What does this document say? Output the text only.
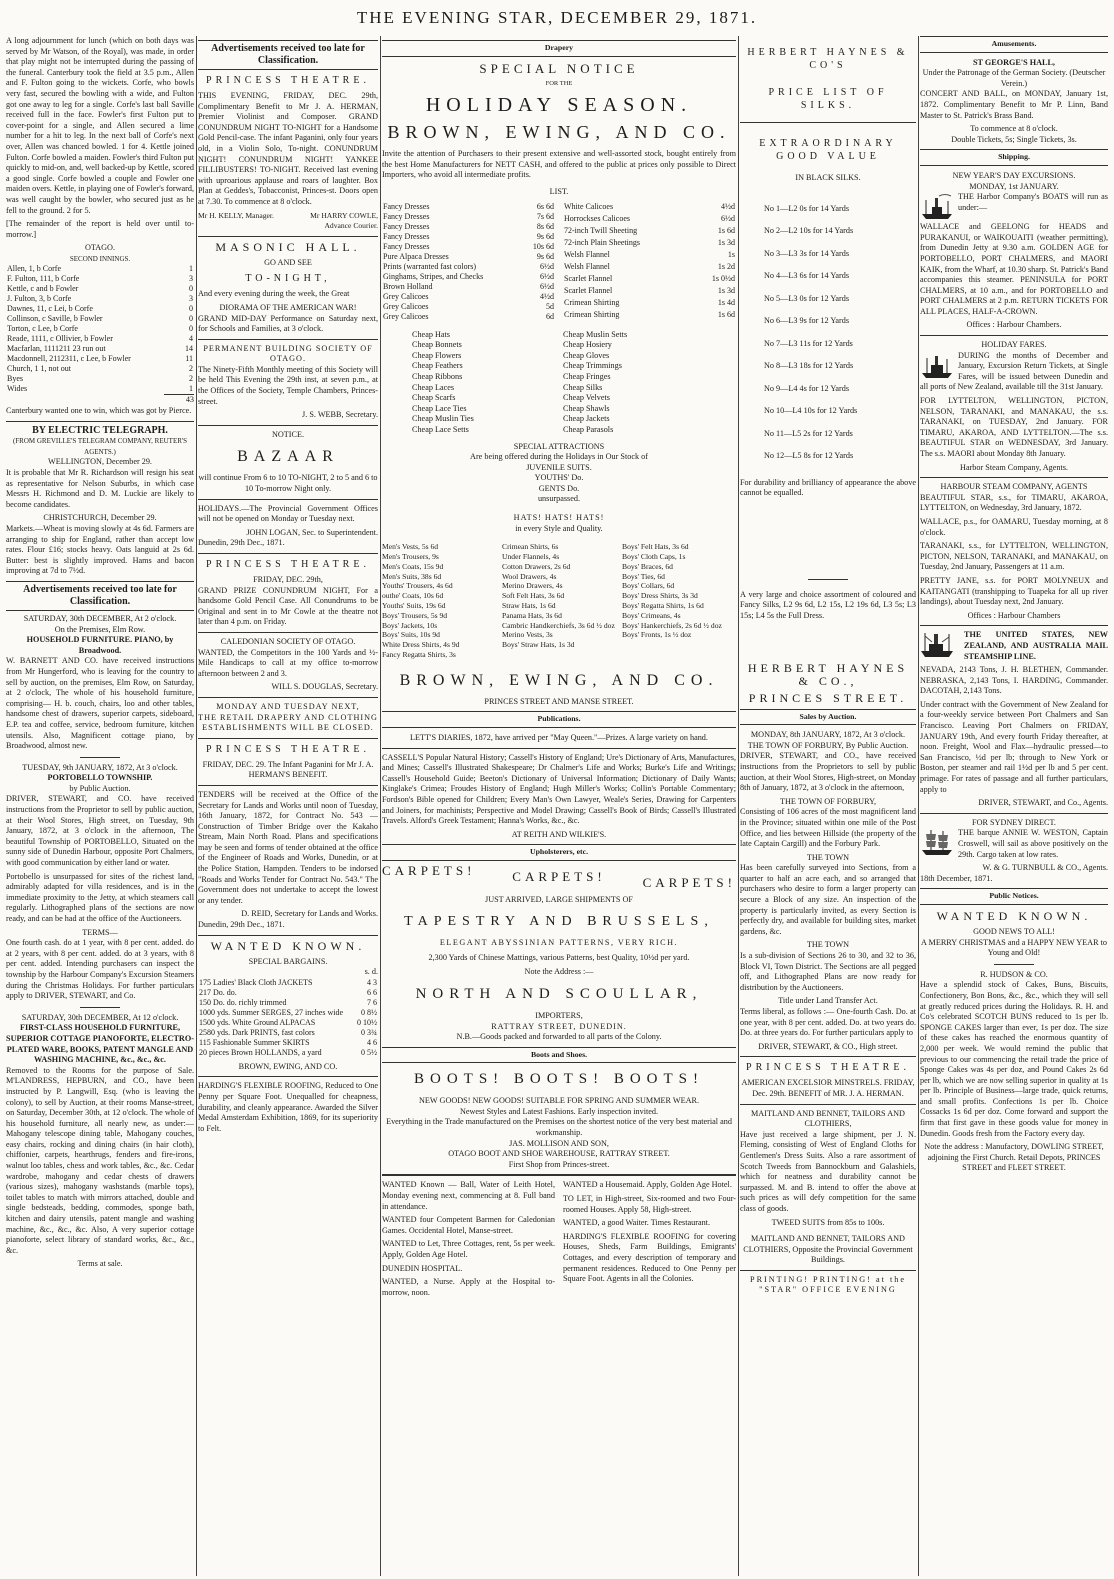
THE EVENING STAR, DECEMBER 29, 1871.

A long adjournment for lunch (which on both days was served by Mr Watson, of the Royal), was made, in order that play might not be interrupted during the passing of the funeral. Canterbury took the field at 3.5 p.m., Allen and F. Fulton going to the wickets. Corfe, who bowls very fast, secured the bowling with a wide, and Fulton got one away to leg for a single. Corfe's last ball Saville received full in the face. Fowler's first Fulton put to cover-point for a single, and Allen secured a lime number for a hit to leg. In the next ball of Corfe's next over, Allen was chanced bowled. 1 for 4. Kettle joined Fulton. Corfe bowled a maiden. Fowler's third Fulton put quickly to mid-on, and, well backed-up by Kettle, scored a good single. Corfe bowled a couple and Fowler one maiden overs. Kettle, in playing one of Fowler's forward, was well caught by the bowler, who secured just as he fell to the ground. 2 for 5.

[The remainder of the report is held over until to-morrow.]

OTAGO.
SECOND INNINGS.
Allen, 1, b Corfe	1
F. Fulton, 111, b Corfe	3
Kettle, c and b Fowler	0
J. Fulton, 3, b Corfe	3
Dawnes, 11, c Lei, b Corfe	0
Collinson, c Saville, b Fowler	0
Torton, c Lee, b Corfe	0
Reade, 1111, c Ollivier, b Fowler	4
Macfarlan, 1111211 23 run out	14
Macdonnell, 2112311, c Lee, b Fowler	11
Church, 1 1, not out	2
Byes	2
Wides	1
43

Canterbury wanted one to win, which was got by Pierce.

BY ELECTRIC TELEGRAPH.
(FROM GREVILLE'S TELEGRAM COMPANY, REUTER'S AGENTS.)
WELLINGTON, December 29.

It is probable that Mr R. Richardson will resign his seat as representative for Nelson Suburbs, in which case Messrs H. Richmond and D. M. Luckie are likely to become candidates.

CHRISTCHURCH, December 29.

Markets.—Wheat is moving slowly at 4s 6d. Farmers are arranging to ship for England, rather than accept low rates. Flour £16; stocks heavy. Oats languid at 2s 6d. Butter: best is slightly improved. Hams and bacon improving at 7d to 7½d.

Advertisements received too late for Classification.
SATURDAY, 30th DECEMBER, At 2 o'clock.
On the Premises, Elm Row.
HOUSEHOLD FURNITURE. PIANO, by Broadwood.

W. BARNETT AND CO. have received instructions from Mr Hungerford, who is leaving for the country to sell by auction, on the premises, Elm Row, on Saturday, at 2 o'clock, The whole of his household furniture, comprising— H. b. couch, chairs, loo and other tables, handsome chest of drawers, superior carpets, sideboard, E.P. tea and coffee, service, bedroom furniture, kitchen utensils. Also, Magnificent cottage piano, by Broadwood, almost new.

TUESDAY, 9th JANUARY, 1872, At 3 o'clock.
PORTOBELLO TOWNSHIP.
by Public Auction.

DRIVER, STEWART, and CO. have received instructions from the Proprietor to sell by public auction, at their Wool Stores, High street, on Tuesday, 9th January, 1872, at 3 o'clock in the afternoon, The beautiful Township of PORTOBELLO, Situated on the sunny side of Dunedin Harbour, opposite Port Chalmers, with good communication by either land or water.

Portobello is unsurpassed for sites of the richest land, admirably adapted for villa residences, and is in the immediate proximity to the Jetty, at which steamers call regularly. Lithographed plans of the sections are now ready, and can be had at the office of the Auctioneers.

TERMS—

One fourth cash. do at 1 year, with 8 per cent. added. do at 2 years, with 8 per cent. added. do at 3 years, with 8 per cent. added. Intending purchasers can inspect the township by the Harbour Company's Excursion Steamers during the Christmas Holidays. For further particulars apply to DRIVER, STEWART, and Co.

SATURDAY, 30th DECEMBER, At 12 o'clock.
FIRST-CLASS HOUSEHOLD FURNITURE, SUPERIOR COTTAGE PIANOFORTE, ELECTRO-PLATED WARE, BOOKS, PATENT MANGLE AND WASHING MACHINE, &c., &c., &c.

Removed to the Rooms for the purpose of Sale. M'LANDRESS, HEPBURN, and CO., have been instructed by P. Langwill, Esq. (who is leaving the colony), to sell by Auction, at their rooms Manse-street, on Saturday, December 30th, at 12 o'clock. The whole of his household furniture, all nearly new, as under:— Mahogany telescope dining table, Mahogany couches, easy chairs, rocking and dining chairs (in hair cloth), chiffonier, carpets, hearthrugs, fenders and fire-irons, walnut loo tables, chess and work tables, &c., &c. Cedar wardrobe, mahogany and cedar chests of drawers (various sizes), mahogany washstands (marble tops), toilet tables to match with mirrors attached, double and single bedsteads, bedding, commodes, sponge bath, kitchen and dairy utensils, patent mangle and washing machine, &c., &c., &c. Also, A very superior cottage pianoforte, select library of standard works, &c., &c., &c.

Terms at sale.
Advertisements received too late for Classification.
PRINCESS THEATRE.

THIS EVENING, FRIDAY, DEC. 29th, Complimentary Benefit to Mr J. A. HERMAN, Premier Violinist and Composer. GRAND CONUNDRUM NIGHT TO-NIGHT for a Handsome Gold Pencil-case. The infant Paganini, only four years old, in a Violin Solo, To-night. CONUNDRUM NIGHT! CONUNDRUM NIGHT! YANKEE FILLIBUSTERS! TO-NIGHT. Received last evening with uproarious applause and roars of laughter. Box Plan at Geddes's, Tobacconist, Princes-st. Doors open at 7.30. To commence at 8 o'clock.

Mr H. KELLY, Manager.	Mr HARRY COWLE, Advance Courier.
MASONIC HALL.
GO AND SEE
TO-NIGHT,

And every evening during the week, the Great

DIORAMA OF THE AMERICAN WAR!

GRAND MID-DAY Performance on Saturday next, for Schools and Families, at 3 o'clock.

PERMANENT BUILDING SOCIETY OF OTAGO.

The Ninety-Fifth Monthly meeting of this Society will be held This Evening the 29th inst, at seven p.m., at the Offices of the Society, Temple Chambers, Princes-street.

J. S. WEBB, Secretary.
NOTICE.
BAZAAR

will continue From 6 to 10 TO-NIGHT, 2 to 5 and 6 to 10 To-morrow Night only.

HOLIDAYS.—The Provincial Government Offices will not be opened on Monday or Tuesday next.

JOHN LOGAN, Sec. to Superintendent.
Dunedin, 29th Dec., 1871.
PRINCESS THEATRE.
FRIDAY, DEC. 29th,

GRAND PRIZE CONUNDRUM NIGHT, For a handsome Gold Pencil Case. All Conundrums to be Original and sent in to Mr Cowle at the theatre not later than 4 p.m. on Friday.

CALEDONIAN SOCIETY OF OTAGO.

WANTED, the Competitors in the 100 Yards and ½-Mile Handicaps to call at my office to-morrow afternoon between 2 and 3.

WILL S. DOUGLAS, Secretary.
MONDAY AND TUESDAY NEXT,
THE RETAIL DRAPERY AND CLOTHING ESTABLISHMENTS WILL BE CLOSED.
PRINCESS THEATRE.

FRIDAY, DEC. 29. The Infant Paganini for Mr J. A. HERMAN'S BENEFIT.

TENDERS will be received at the Office of the Secretary for Lands and Works until noon of Tuesday, 16th January, 1872, for Contract No. 543 — Construction of Timber Bridge over the Kakaho Stream, Main North Road. Plans and specifications may be seen and forms of tender obtained at the office of the Engineer of Roads and Works, Dunedin, or at the Police Station, Hampden. Tenders to be indorsed "Roads and Works Tender for Contract No. 543." The Government does not undertake to accept the lowest or any tender.

D. REID, Secretary for Lands and Works.
Dunedin, 29th Dec., 1871.
WANTED KNOWN.
SPECIAL BARGAINS.
s. d.
175 Ladies' Black Cloth JACKETS	4 3
217 Do. do.	6 6
150 Do. do. richly trimmed	7 6
1000 yds. Summer SERGES, 27 inches wide	0 8½
1500 yds. White Ground ALPACAS	0 10½
2580 yds. Dark PRINTS, fast colors	0 3¾
115 Fashionable Summer SKIRTS	4 6
20 pieces Brown HOLLANDS, a yard	0 5½
BROWN, EWING, AND CO.

HARDING'S FLEXIBLE ROOFING, Reduced to One Penny per Square Foot. Unequalled for cheapness, durability, and cleanly appearance. Awarded the Silver Medal Amsterdam Exhibition, 1869, for its superiority to Felt.

Drapery
SPECIAL NOTICE
FOR THE
HOLIDAY SEASON.
BROWN, EWING, AND CO.

Invite the attention of Purchasers to their present extensive and well-assorted stock, bought entirely from the best Home Manufacturers for NETT CASH, and offered to the public at prices only possible to Direct Importers, who avoid all intermediate profits.

LIST.
Fancy Dresses	6s 6d
Fancy Dresses	7s 6d
Fancy Dresses	8s 6d
Fancy Dresses	9s 6d
Fancy Dresses	10s 6d
Pure Alpaca Dresses	9s 6d
Prints (warranted fast colors)	6½d
Ginghams, Stripes, and Checks	6½d
Brown Holland	6½d
Grey Calicoes	4½d
Grey Calicoes	5d
Grey Calicoes	6d
White Calicoes	4½d
Horrockses Calicoes	6½d
72-inch Twill Sheeting	1s 6d
72-inch Plain Sheetings	1s 3d
Welsh Flannel	1s
Welsh Flannel	1s 2d
Scarlet Flannel	1s 0½d
Scarlet Flannel	1s 3d

Crimean Shirting	1s 4d
Crimean Shirting	1s 6d

Cheap Hats
Cheap Bonnets
Cheap Flowers
Cheap Feathers
Cheap Ribbons
Cheap Laces
Cheap Scarfs
Cheap Lace Ties
Cheap Muslin Ties
Cheap Lace Setts
Cheap Muslin Setts
Cheap Hosiery
Cheap Gloves
Cheap Trimmings
Cheap Fringes
Cheap Silks
Cheap Velvets
Cheap Shawls
Cheap Jackets
Cheap Parasols
SPECIAL ATTRACTIONS
Are being offered during the Holidays in Our Stock of
JUVENILE SUITS.
YOUTHS' Do.
GENTS Do.
unsurpassed.
HATS! HATS! HATS!
in every Style and Quality.
Men's Vests, 5s 6d
Men's Trousers, 9s
Men's Coats, 15s 9d
Men's Suits, 38s 6d
Youths' Trousers, 4s 6d
outhe' Coats, 10s 6d
Youths' Suits, 19s 6d
Boys' Trousers, 5s 9d
Boys' Jackets, 10s
Boys' Suits, 10s 9d
White Dress Shirts, 4s 9d
Fancy Regatta Shirts, 3s
Crimean Shirts, 6s
Under Flannels, 4s
Cotton Drawers, 2s 6d
Wool Drawers, 4s
Merino Drawers, 4s
Soft Felt Hats, 3s 6d
Straw Hats, 1s 6d
Panama Hats, 3s 6d
Cambric Handkerchiefs, 3s 6d ½ doz
Merino Vests, 3s
Boys' Straw Hats, 1s 3d
Boys' Felt Hats, 3s 6d
Boys' Cloth Caps, 1s
Boys' Braces, 6d
Boys' Ties, 6d
Boys' Collars, 6d
Boys' Dress Shirts, 3s 3d
Boys' Regatta Shirts, 1s 6d
Boys' Crimeans, 4s
Boys' Hankerchiefs, 2s 6d ½ doz
Boys' Fronts, 1s ½ doz
BROWN, EWING, AND CO.
PRINCES STREET AND MANSE STREET.
Publications.

LETT'S DIARIES, 1872, have arrived per "May Queen."—Prizes. A large variety on hand.

CASSELL'S Popular Natural History; Cassell's History of England; Ure's Dictionary of Arts, Manufactures, and Mines; Cassell's Illustrated Shakespeare; Dr Chalmer's Life and Works; Burke's Life and Writings; Cassell's Household Guide; Beeton's Dictionary of Universal Information; Dictionary of Daily Wants; Kinglake's Crimea; Froudes History of England; Hugh Miller's Works; Collin's Portable Commentary; Fordson's Bible opened for Children; Every Man's Own Lawyer, Weale's Series, Drawing for Carpenters and Joiners, for machinists; Perspective and Model Drawing; Cassell's Book of Birds; Cassell's Illustrated Travels. Alford's Greek Testament; Hanna's Works, &c., &c.

AT REITH AND WILKIE'S.
Upholsterers, etc.
CARPETS!	CARPETS!	CARPETS!
JUST ARRIVED, LARGE SHIPMENTS OF
TAPESTRY AND BRUSSELS,
ELEGANT ABYSSINIAN PATTERNS, VERY RICH.

2,300 Yards of Chinese Mattings, various Patterns, best Quality, 10½d per yard.

Note the Address :—
NORTH AND SCOULLAR,
IMPORTERS,
RATTRAY STREET, DUNEDIN.
N.B.—Goods packed and forwarded to all parts of the Colony.
Boots and Shoes.
BOOTS! BOOTS! BOOTS!
NEW GOODS! NEW GOODS! SUITABLE FOR SPRING AND SUMMER WEAR.
Newest Styles and Latest Fashions. Early inspection invited.
Everything in the Trade manufactured on the Premises on the shortest notice of the very best material and workmanship.
JAS. MOLLISON AND SON,
OTAGO BOOT AND SHOE WAREHOUSE, RATTRAY STREET.
First Shop from Princes-street.

WANTED Known — Ball, Water of Leith Hotel, Monday evening next, commencing at 8. Full band in attendance.

WANTED four Competent Barmen for Caledonian Games. Occidental Hotel, Manse-street.

WANTED to Let, Three Cottages, rent, 5s per week. Apply, Golden Age Hotel.

DUNEDIN HOSPITAL.

WANTED, a Nurse. Apply at the Hospital to-morrow, noon.

WANTED a Housemaid. Apply, Golden Age Hotel.

TO LET, in High-street, Six-roomed and two Four-roomed Houses. Apply 58, High-street.

WANTED, a good Waiter. Times Restaurant.

HARDING'S FLEXIBLE ROOFING for covering Houses, Sheds, Farm Buildings, Emigrants' Cottages, and every description of temporary and permanent residences. Reduced to One Penny per Square Foot. Agents in all the Colonies.

HERBERT HAYNES & CO'S
PRICE LIST OF SILKS.
EXTRAORDINARY GOOD VALUE
IN BLACK SILKS.
No 1—L2 0s for 14 Yards
No 2—L2 10s for 14 Yards
No 3—L3 3s for 14 Yards
No 4—L3 6s for 14 Yards
No 5—L3 0s for 12 Yards
No 6—L3 9s for 12 Yards
No 7—L3 11s for 12 Yards
No 8—L3 18s for 12 Yards
No 9—L4 4s for 12 Yards
No 10—L4 10s for 12 Yards
No 11—L5 2s for 12 Yards
No 12—L5 8s for 12 Yards

For durability and brilliancy of appearance the above cannot be equalled.

A very large and choice assortment of coloured and Fancy Silks, L2 9s 6d, L2 15s, L2 19s 6d, L3 5s; L3 15s; L4 5s the Full Dress.

HERBERT HAYNES & CO.,
PRINCES STREET.
Sales by Auction.
MONDAY, 8th JANUARY, 1872, At 3 o'clock.
THE TOWN OF FORBURY, By Public Auction.

DRIVER, STEWART, and CO., have received instructions from the Proprietors to sell by public auction, at their Wool Stores, High-street, on Monday 8th of January, 1872, at 3 o'clock in the afternoon,

THE TOWN OF FORBURY,

Consisting of 106 acres of the most magnificent land in the Province; situated within one mile of the Post Office, and lies between Hillside (the property of the late Captain Cargill) and the Forbury Park.

THE TOWN

Has been carefully surveyed into Sections, from a quarter to half an acre each, and so arranged that purchasers who desire to form a larger property can secure a Block of any size. An inspection of the property is particularly invited, as every Section is perfectly dry, and available for building sites, market gardens, &c.

THE TOWN

Is a sub-division of Sections 26 to 30, and 32 to 36, Block VI, Town District. The Sections are all pegged off, and Lithographed Plans are now ready for distribution by the Auctioneers.

Title under Land Transfer Act.

Terms liberal, as follows :— One-fourth Cash. Do. at one year, with 8 per cent. added. Do. at two years do. Do. at three years do. For further particulars apply to

DRIVER, STEWART, & CO., High street.
PRINCESS THEATRE.

AMERICAN EXCELSIOR MINSTRELS. FRIDAY, Dec. 29th. BENEFIT of MR. J. A. HERMAN.

MAITLAND AND BENNET, TAILORS AND CLOTHIERS,

Have just received a large shipment, per J. N. Fleming, consisting of West of England Cloths for Gentlemen's Dress Suits. Also a rare assortment of Scotch Tweeds from Bannockburn and Galashiels, which for neatness and durability cannot be surpassed. M. and B. intend to offer the above at such prices as will defy competition for the same class of goods.

TWEED SUITS from 85s to 100s.
MAITLAND AND BENNET, TAILORS AND CLOTHIERS, Opposite the Provincial Government Buildings.
PRINTING! PRINTING! at the "STAR" OFFICE EVENING
Amusements.
ST GEORGE'S HALL,
Under the Patronage of the German Society. (Deutscher Verein.)

CONCERT AND BALL, on MONDAY, January 1st, 1872. Complimentary Benefit to Mr P. Linn, Band Master to St. Patrick's Brass Band.

To commence at 8 o'clock.
Double Tickets, 5s; Single Tickets, 3s.
Shipping.
NEW YEAR'S DAY EXCURSIONS.
MONDAY, 1st JANUARY.

THE Harbor Company's BOATS will run as under:—

WALLACE and GEELONG for HEADS and PURAKANUI, or WAIKOUAITI (weather permitting), from Dunedin Jetty at 9.30 a.m. GOLDEN AGE for PORTOBELLO, PORT CHALMERS, and MAORI KAIK, from the Wharf, at 10.30 sharp. St. Patrick's Band accompanies this steamer. PENINSULA for PORT CHALMERS, at 10 a.m., and for PORTOBELLO and PORT CHALMERS at 2 p.m. RETURN TICKETS FOR ALL PLACES, HALF-A-CROWN.

Offices : Harbour Chambers.
HOLIDAY FARES.

DURING the months of December and January, Excursion Return Tickets, at Single Fares, will be issued between Dunedin and all ports of New Zealand, available till the 31st January.

FOR LYTTELTON, WELLINGTON, PICTON, NELSON, TARANAKI, and MANAKAU, the s.s. TARANAKI, on TUESDAY, 2nd January. FOR TIMARU, AKAROA, AND LYTTELTON.—The s.s. BEAUTIFUL STAR on WEDNESDAY, 3rd January. The s.s. MAORI about Monday 8th January.

Harbor Steam Company, Agents.
HARBOUR STEAM COMPANY, AGENTS

BEAUTIFUL STAR, s.s., for TIMARU, AKAROA, LYTTELTON, on Wednesday, 3rd January, 1872.

WALLACE, p.s., for OAMARU, Tuesday morning, at 8 o'clock.

TARANAKI, s.s., for LYTTELTON, WELLINGTON, PICTON, NELSON, TARANAKI, and MANAKAU, on Tuesday, 2nd January, Passengers at 11 a.m.

PRETTY JANE, s.s. for PORT MOLYNEUX and KAITANGATI (transhipping to Tuapeka for all up river landings), about Tuesday next, 2nd January.

Offices : Harbour Chambers

THE UNITED STATES, NEW ZEALAND, AND AUSTRALIA MAIL STEAMSHIP LINE.

NEVADA, 2143 Tons, J. H. BLETHEN, Commander. NEBRASKA, 2,143 Tons, I. HARDING, Commander. DACOTAH, 2,143 Tons.

Under contract with the Government of New Zealand for a four-weekly service between Port Chalmers and San Francisco. Leaving Port Chalmers on FRIDAY, JANUARY 19th, And every fourth Friday thereafter, at noon. Freight, Wool and Flax—hydraulic pressed—to San Francisco, ½d per lb; through to New York or Boston, per steamer and rail 1½d per lb and 5 per cent. primage. For rates of passage and all further particulars, apply to

DRIVER, STEWART, and Co., Agents.
FOR SYDNEY DIRECT.

THE barque ANNIE W. WESTON, Captain Croswell, will sail as above positively on the 29th. Cargo taken at low rates.

W. & G. TURNBULL & CO., Agents.
18th December, 1871.
Public Notices.
WANTED KNOWN.
GOOD NEWS TO ALL!
A MERRY CHRISTMAS and a HAPPY NEW YEAR to Young and Old!
R. HUDSON & CO.

Have a splendid stock of Cakes, Buns, Biscuits, Confectionery, Bon Bons, &c., &c., which they will sell at greatly reduced prices during the Holidays. R. H. and Co's celebrated SCOTCH BUNS reduced to 1s per lb. SPONGE CAKES larger than ever, 1s per doz. The size of these cakes has reached the enormous quantity of 2,000 per week. We would remind the public that previous to our commencing the retail trade the price of Sponge Cakes was 4s per doz, and Pound Cakes 2s 6d per lb, which we are now selling superior in quality at 1s per lb. Principle of Business—large trade, quick returns, and small profits. Confections 1s per lb. Choice Cossacks 1s 6d per doz. Come forward and support the firm that first gave in these goods value for money in Dunedin. Goods fresh from the Factory every day.

Note the address : Manufactory, DOWLING STREET, adjoining the First Church. Retail Depots, PRINCES STREET and FLEET STREET.
